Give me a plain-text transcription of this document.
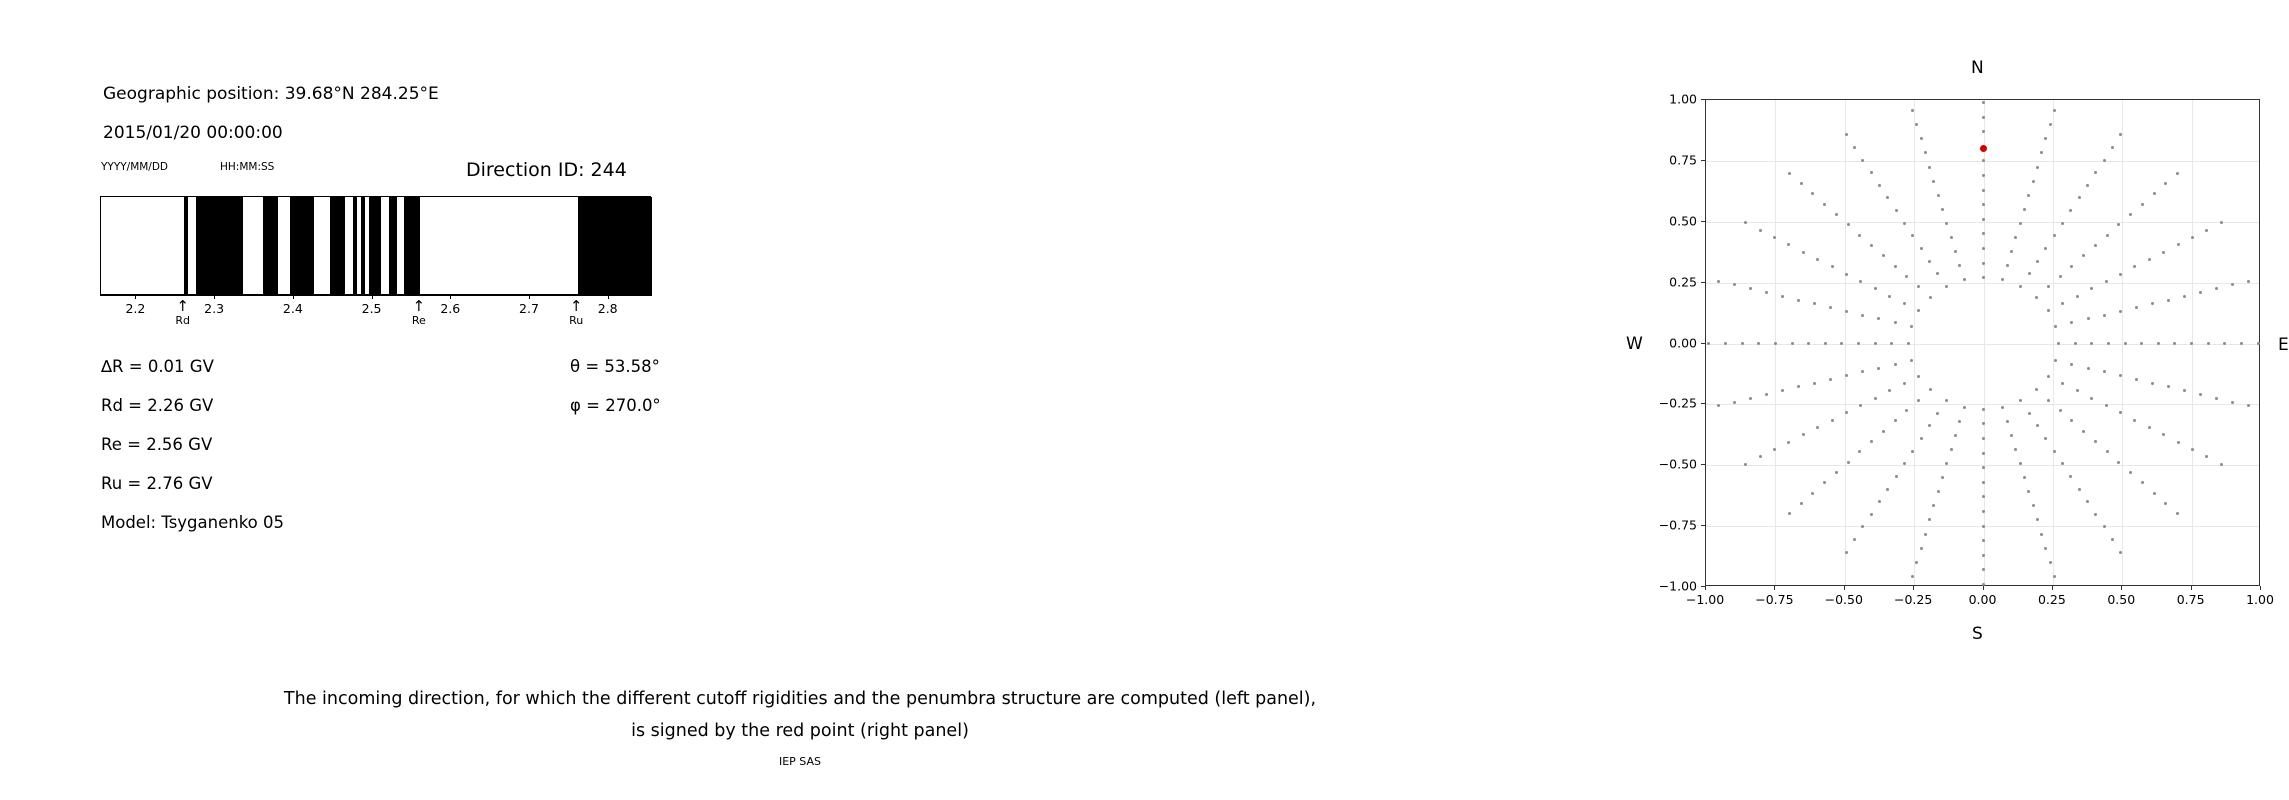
Geographic position: 39.68°N 284.25°E
2015/01/20 00:00:00
YYYY/MM/DD	HH:MM:SS	Direction ID: 244
2.2	2.3	2.4	2.5	2.6	2.7	2.8
↑
Rd
↑
Re
↑
Ru
∆R = 0.01 GV
Rd = 2.26 GV
Re = 2.56 GV
Ru = 2.76 GV
Model: Tsyganenko 05
θ = 53.58°
φ = 270.0°
−1.00
−0.75
−0.50
−0.25
0.00
0.25
0.50
0.75
1.00
−1.00 −0.75 −0.50 −0.25	0.00	0.25	0.50	0.75	1.00
N
S
W	E
The incoming direction, for which the different cutoff rigidities and the penumbra structure are computed (left panel),
is signed by the red point (right panel)
IEP SAS
